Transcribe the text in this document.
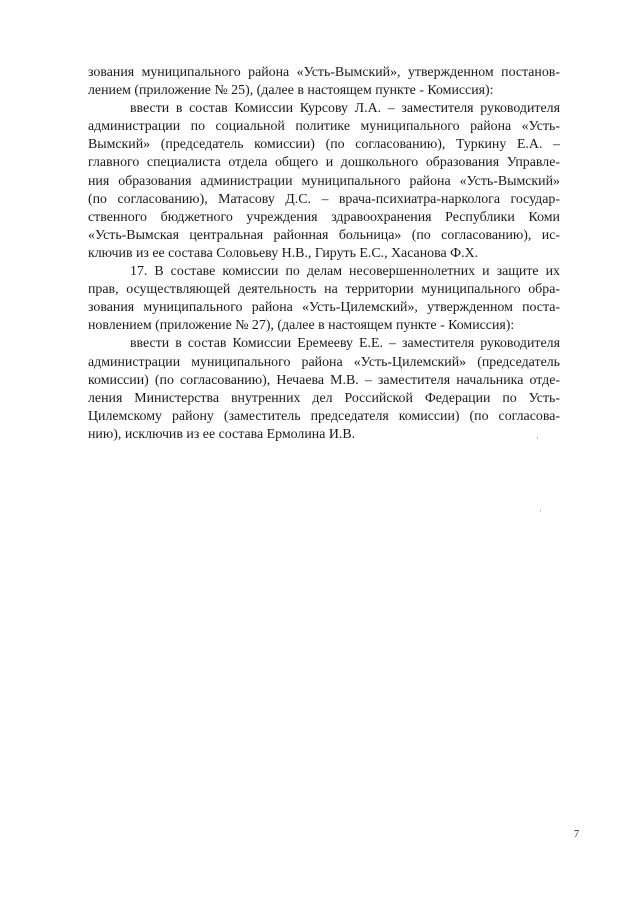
зования муниципального района «Усть-Вымский», утвержденном постанов-
лением (приложение № 25), (далее в настоящем пункте - Комиссия):

ввести в состав Комиссии Курсову Л.А. – заместителя руководителя
администрации по социальной политике муниципального района «Усть-
Вымский» (председатель комиссии) (по согласованию), Туркину Е.А. –
главного специалиста отдела общего и дошкольного образования Управле-
ния образования администрации муниципального района «Усть-Вымский»
(по согласованию), Матасову Д.С. – врача-психиатра-нарколога государ-
ственного бюджетного учреждения здравоохранения Республики Коми
«Усть-Вымская центральная районная больница» (по согласованию), ис-
ключив из ее состава Соловьеву Н.В., Гируть Е.С., Хасанова Ф.Х.

17. В составе комиссии по делам несовершеннолетних и защите их
прав, осуществляющей деятельность на территории муниципального обра-
зования муниципального района «Усть-Цилемский», утвержденном поста-
новлением (приложение № 27), (далее в настоящем пункте - Комиссия):

ввести в состав Комиссии Еремееву Е.Е. – заместителя руководителя
администрации муниципального района «Усть-Цилемский» (председатель
комиссии) (по согласованию), Нечаева М.В. – заместителя начальника отде-
ления Министерства внутренних дел Российской Федерации по Усть-
Цилемскому району (заместитель председателя комиссии) (по согласова-
нию), исключив из ее состава Ермолина И.В.

7
